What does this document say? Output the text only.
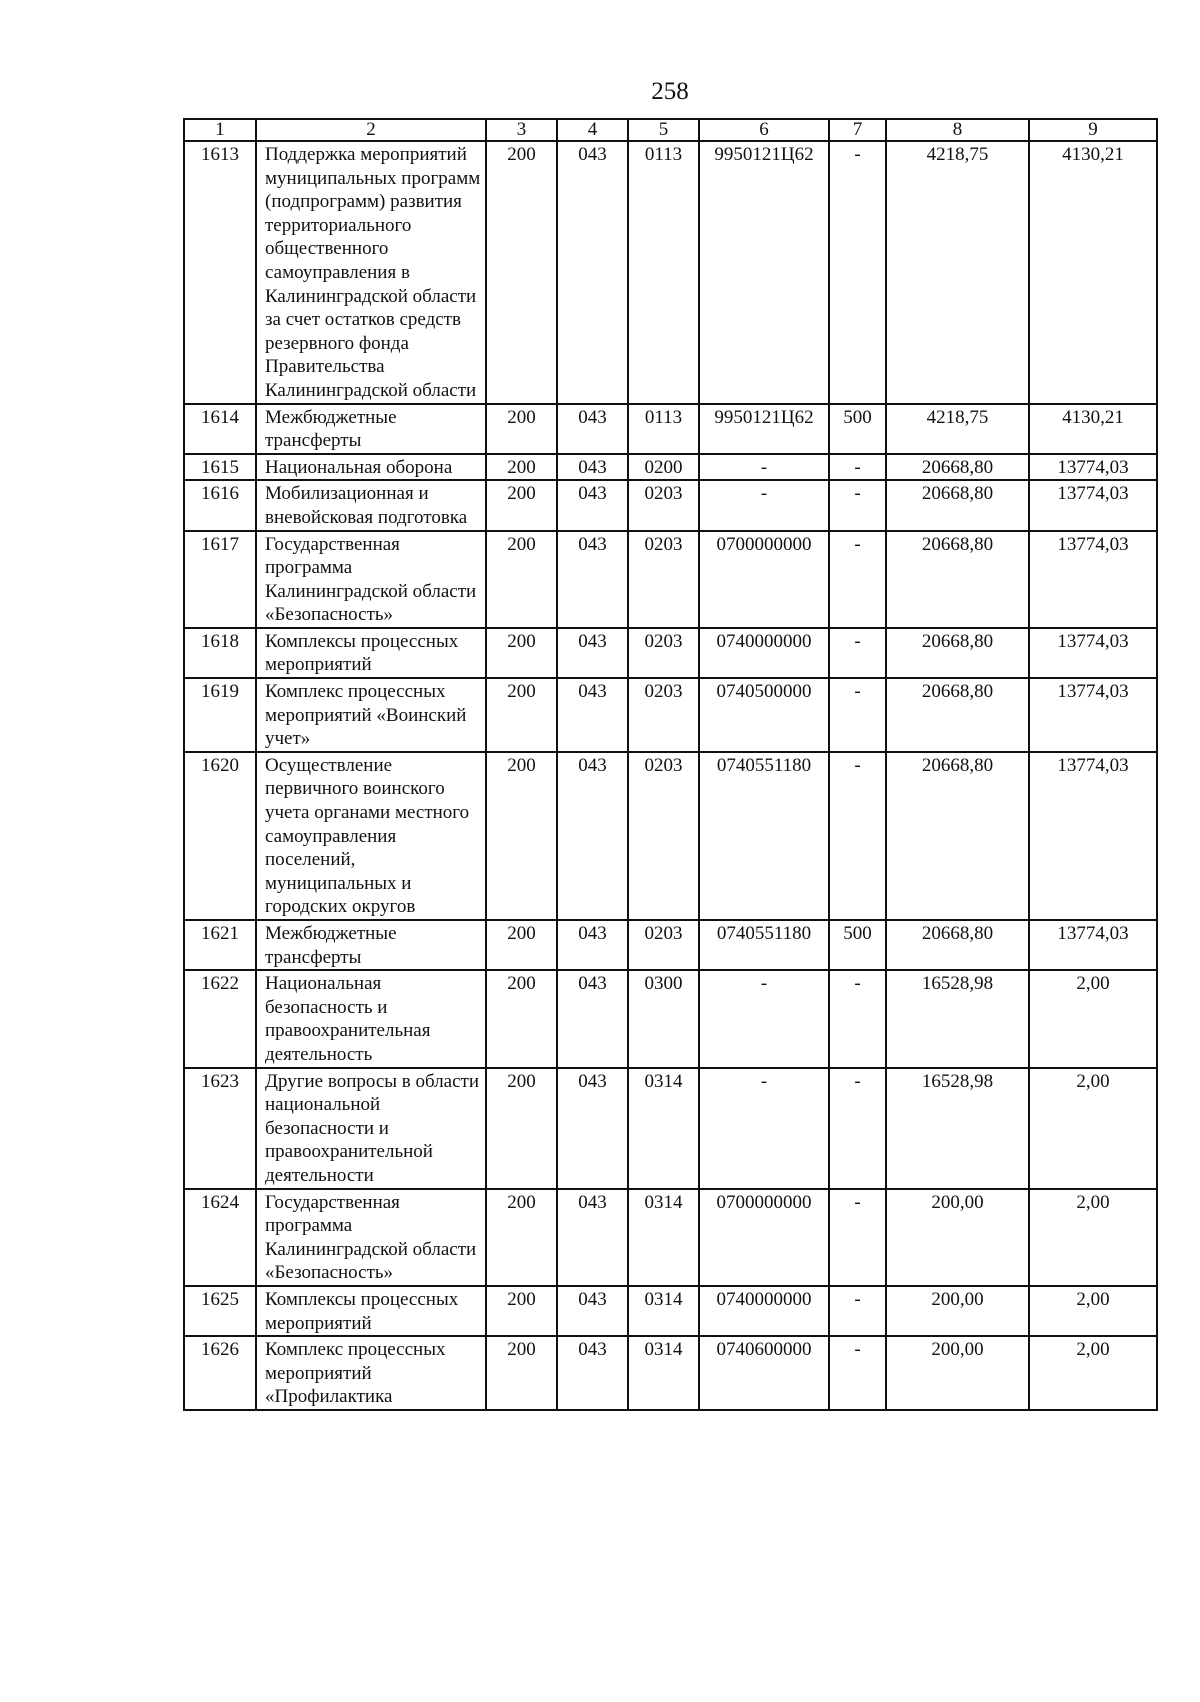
258
1	2	3	4	5	6	7	8	9
1613	Поддержка мероприятий муниципальных программ (подпрограмм) развития территориального общественного самоуправления в Калининградской области за счет остатков средств резервного фонда Правительства Калининградской области	200	043	0113	9950121Ц62	-	4218,75	4130,21
1614	Межбюджетные трансферты	200	043	0113	9950121Ц62	500	4218,75	4130,21
1615	Национальная оборона	200	043	0200	-	-	20668,80	13774,03
1616	Мобилизационная и вневойсковая подготовка	200	043	0203	-	-	20668,80	13774,03
1617	Государственная программа Калининградской области «Безопасность»	200	043	0203	0700000000	-	20668,80	13774,03
1618	Комплексы процессных мероприятий	200	043	0203	0740000000	-	20668,80	13774,03
1619	Комплекс процессных мероприятий «Воинский учет»	200	043	0203	0740500000	-	20668,80	13774,03
1620	Осуществление первичного воинского учета органами местного самоуправления поселений, муниципальных и городских округов	200	043	0203	0740551180	-	20668,80	13774,03
1621	Межбюджетные трансферты	200	043	0203	0740551180	500	20668,80	13774,03
1622	Национальная безопасность и правоохранительная деятельность	200	043	0300	-	-	16528,98	2,00
1623	Другие вопросы в области национальной безопасности и правоохранительной деятельности	200	043	0314	-	-	16528,98	2,00
1624	Государственная программа Калининградской области «Безопасность»	200	043	0314	0700000000	-	200,00	2,00
1625	Комплексы процессных мероприятий	200	043	0314	0740000000	-	200,00	2,00
1626	Комплекс процессных мероприятий «Профилактика	200	043	0314	0740600000	-	200,00	2,00
